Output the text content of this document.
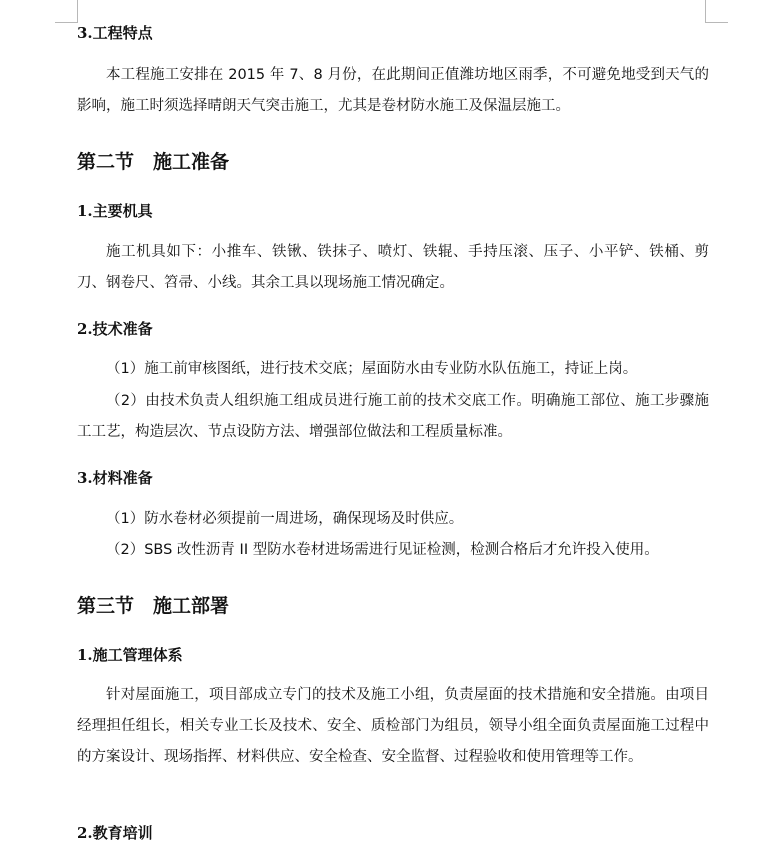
3.工程特点
本工程施工安排在 2015 年 7、8 月份，在此期间正值潍坊地区雨季，不可避免地受到天气的影响，施工时须选择晴朗天气突击施工，尤其是卷材防水施工及保温层施工。
第二节　施工准备
1.主要机具
施工机具如下：小推车、铁锹、铁抹子、喷灯、铁辊、手持压滚、压子、小平铲、铁桶、剪刀、钢卷尺、笤帚、小线。其余工具以现场施工情况确定。
2.技术准备
（1）施工前审核图纸，进行技术交底；屋面防水由专业防水队伍施工，持证上岗。
（2）由技术负责人组织施工组成员进行施工前的技术交底工作。明确施工部位、施工步骤施工工艺，构造层次、节点设防方法、增强部位做法和工程质量标准。
3.材料准备
（1）防水卷材必须提前一周进场，确保现场及时供应。
（2）SBS 改性沥青 II 型防水卷材进场需进行见证检测，检测合格后才允许投入使用。
第三节　施工部署
1.施工管理体系
针对屋面施工，项目部成立专门的技术及施工小组，负责屋面的技术措施和安全措施。由项目经理担任组长，相关专业工长及技术、安全、质检部门为组员，领导小组全面负责屋面施工过程中的方案设计、现场指挥、材料供应、安全检查、安全监督、过程验收和使用管理等工作。
2.教育培训
